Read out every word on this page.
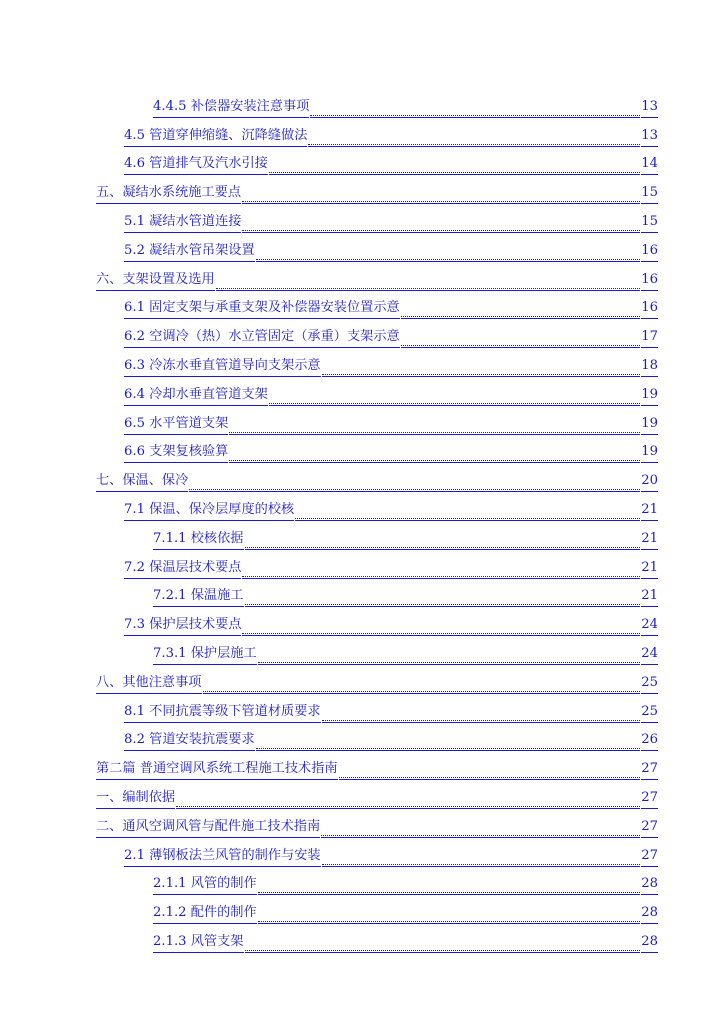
4.4.5 补偿器安装注意事项	13
4.5 管道穿伸缩缝、沉降缝做法	13
4.6 管道排气及汽水引接	14
五、凝结水系统施工要点	15
5.1 凝结水管道连接	15
5.2 凝结水管吊架设置	16
六、支架设置及选用	16
6.1 固定支架与承重支架及补偿器安装位置示意	16
6.2 空调冷（热）水立管固定（承重）支架示意	17
6.3 冷冻水垂直管道导向支架示意	18
6.4 冷却水垂直管道支架	19
6.5 水平管道支架	19
6.6 支架复核验算	19
七、保温、保冷	20
7.1 保温、保冷层厚度的校核	21
7.1.1 校核依据	21
7.2 保温层技术要点	21
7.2.1 保温施工	21
7.3 保护层技术要点	24
7.3.1 保护层施工	24
八、其他注意事项	25
8.1 不同抗震等级下管道材质要求	25
8.2 管道安装抗震要求	26
第二篇 普通空调风系统工程施工技术指南	27
一、编制依据	27
二、通风空调风管与配件施工技术指南	27
2.1 薄钢板法兰风管的制作与安装	27
2.1.1 风管的制作	28
2.1.2 配件的制作	28
2.1.3 风管支架	28
